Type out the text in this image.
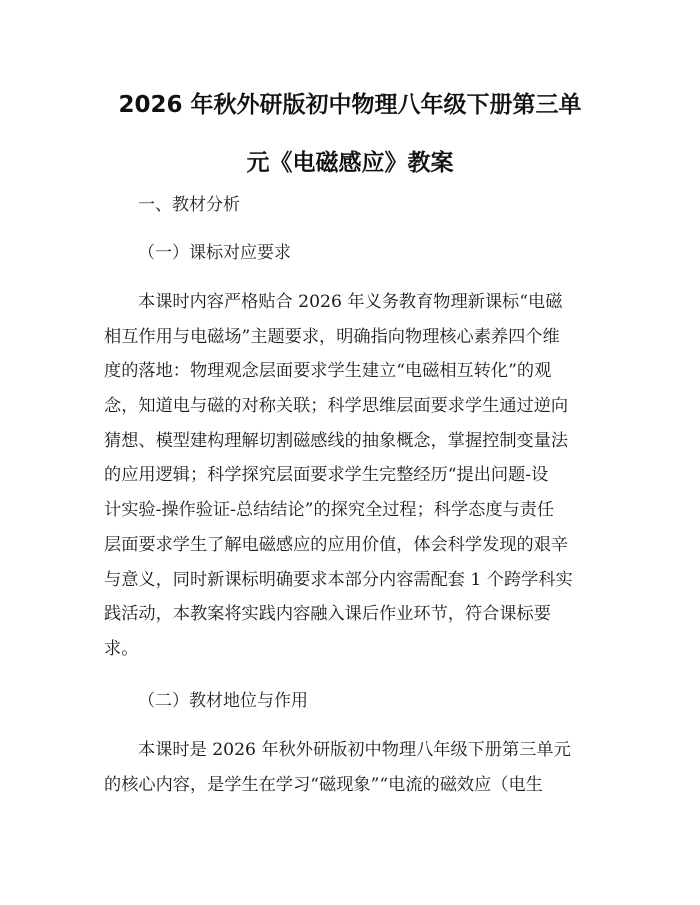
2026 年秋外研版初中物理八年级下册第三单
元《电磁感应》教案
一、教材分析
（一）课标对应要求
本课时内容严格贴合 2026 年义务教育物理新课标“电磁
相互作用与电磁场”主题要求，明确指向物理核心素养四个维
度的落地：物理观念层面要求学生建立“电磁相互转化”的观
念，知道电与磁的对称关联；科学思维层面要求学生通过逆向
猜想、模型建构理解切割磁感线的抽象概念，掌握控制变量法
的应用逻辑；科学探究层面要求学生完整经历“提出问题-设
计实验-操作验证-总结结论”的探究全过程；科学态度与责任
层面要求学生了解电磁感应的应用价值，体会科学发现的艰辛
与意义，同时新课标明确要求本部分内容需配套 1 个跨学科实
践活动，本教案将实践内容融入课后作业环节，符合课标要
求。
（二）教材地位与作用
本课时是 2026 年秋外研版初中物理八年级下册第三单元
的核心内容，是学生在学习“磁现象”“电流的磁效应（电生
